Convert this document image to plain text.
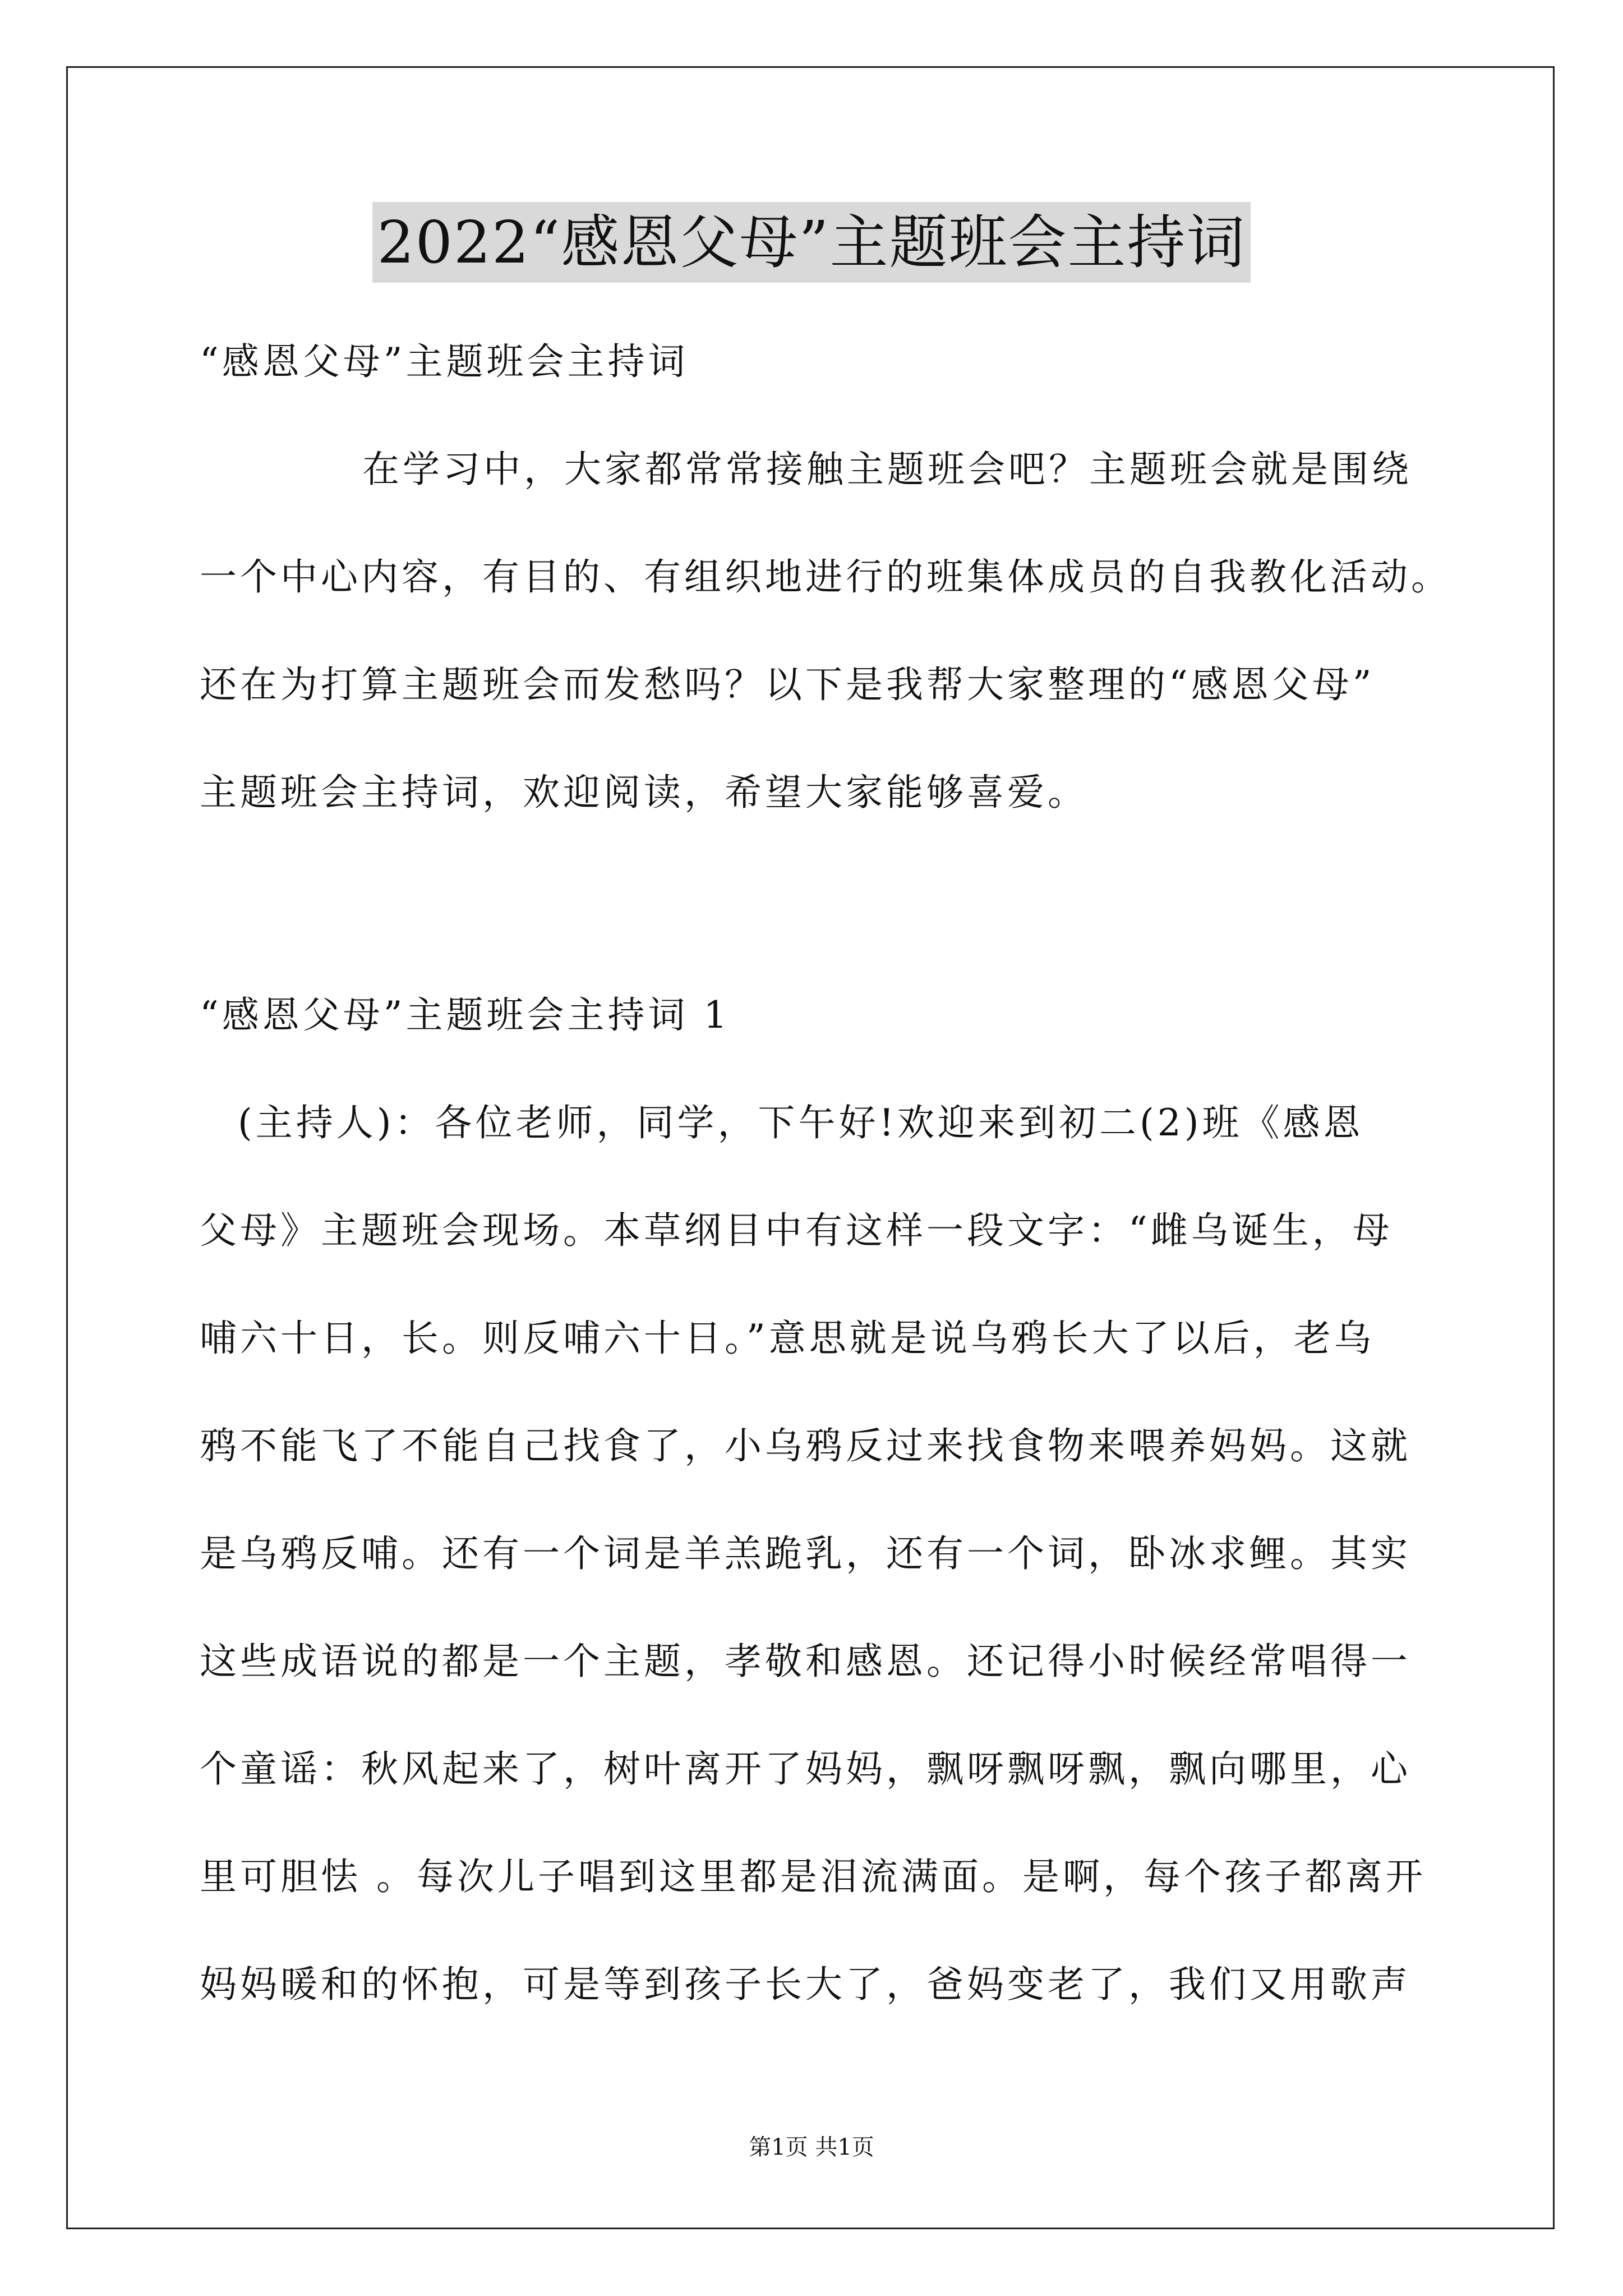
2022“感恩父母”主题班会主持词
“感恩父母”主题班会主持词
在学习中，大家都常常接触主题班会吧？主题班会就是围绕
一个中心内容，有目的、有组织地进行的班集体成员的自我教化活动。
还在为打算主题班会而发愁吗？以下是我帮大家整理的“感恩父母”
主题班会主持词，欢迎阅读，希望大家能够喜爱。
“感恩父母”主题班会主持词 1
(主持人)：各位老师，同学，下午好!欢迎来到初二(2)班《感恩
父母》主题班会现场。本草纲目中有这样一段文字：“雌乌诞生，母
哺六十日，长。则反哺六十日。”意思就是说乌鸦长大了以后，老乌
鸦不能飞了不能自己找食了，小乌鸦反过来找食物来喂养妈妈。这就
是乌鸦反哺。还有一个词是羊羔跪乳，还有一个词，卧冰求鲤。其实
这些成语说的都是一个主题，孝敬和感恩。还记得小时候经常唱得一
个童谣：秋风起来了，树叶离开了妈妈，飘呀飘呀飘，飘向哪里，心
里可胆怯 。每次儿子唱到这里都是泪流满面。是啊，每个孩子都离开
妈妈暖和的怀抱，可是等到孩子长大了，爸妈变老了，我们又用歌声
第1页 共1页
